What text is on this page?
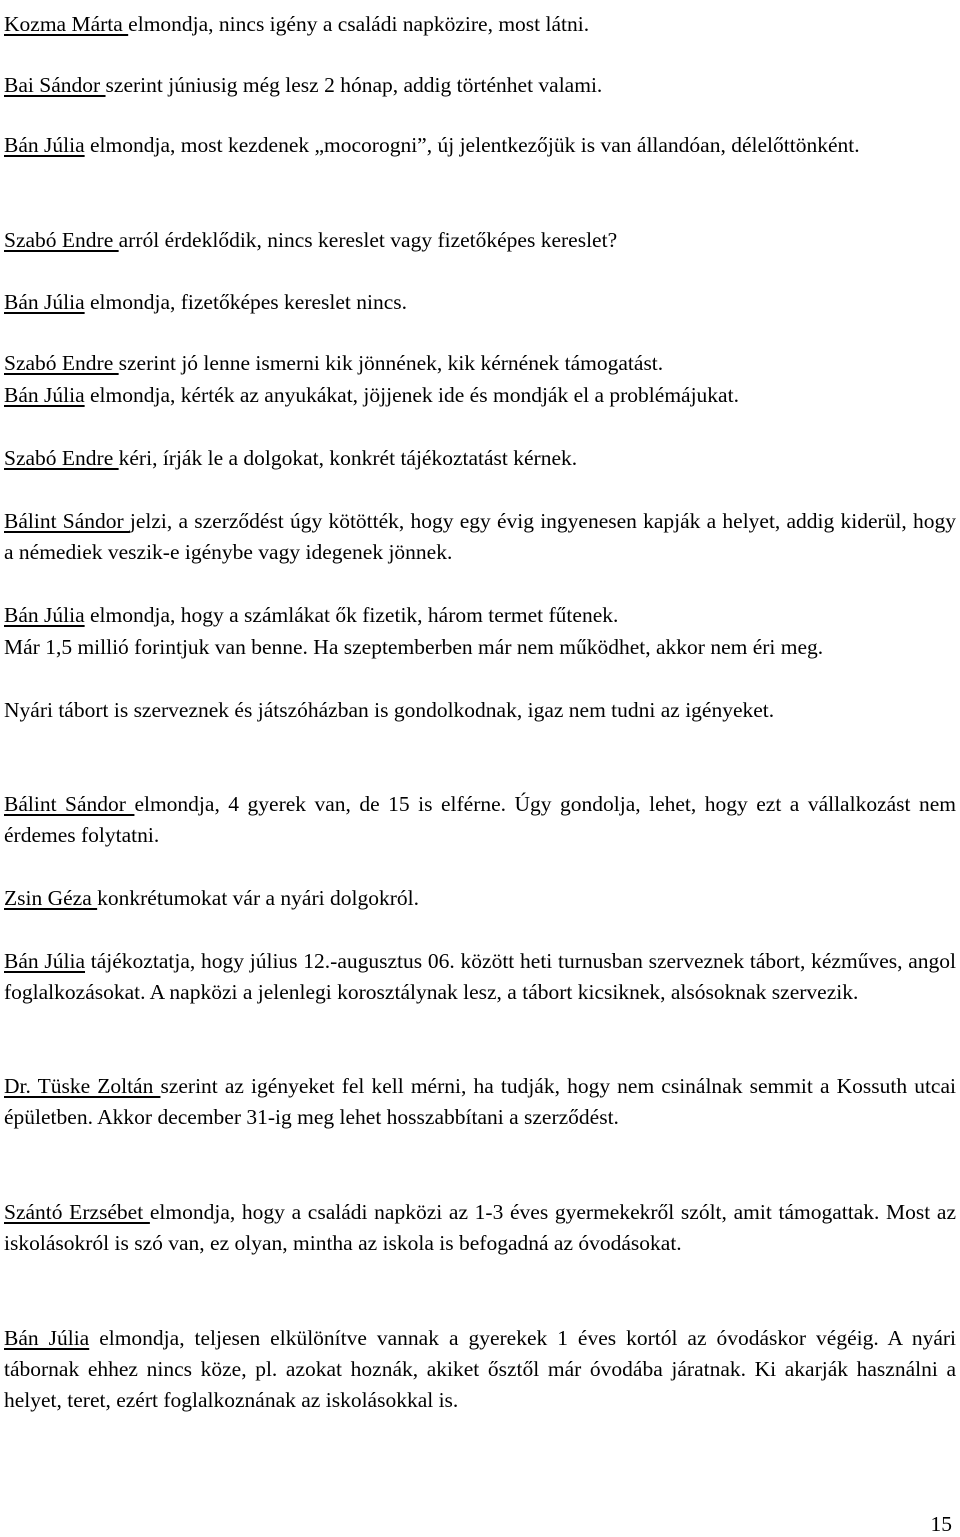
Kozma Márta elmondja, nincs igény a családi napközire, most látni.

Bai Sándor szerint júniusig még lesz 2 hónap, addig történhet valami.

Bán Júlia elmondja, most kezdenek „mocorogni”, új jelentkezőjük is van állandóan, délelőttönként.

Szabó Endre arról érdeklődik, nincs kereslet vagy fizetőképes kereslet?

Bán Júlia elmondja, fizetőképes kereslet nincs.

Szabó Endre szerint jó lenne ismerni kik jönnének, kik kérnének támogatást.

Bán Júlia elmondja, kérték az anyukákat, jöjjenek ide és mondják el a problémájukat.

Szabó Endre kéri, írják le a dolgokat, konkrét tájékoztatást kérnek.

Bálint Sándor jelzi, a szerződést úgy kötötték, hogy egy évig ingyenesen kapják a helyet, addig kiderül, hogy a némediek veszik-e igénybe vagy idegenek jönnek.

Bán Júlia elmondja, hogy a számlákat ők fizetik, három termet fűtenek.

Már 1,5 millió forintjuk van benne. Ha szeptemberben már nem működhet, akkor nem éri meg.

Nyári tábort is szerveznek és játszóházban is gondolkodnak, igaz nem tudni az igényeket.

Bálint Sándor elmondja, 4 gyerek van, de 15 is elférne. Úgy gondolja, lehet, hogy ezt a vállalkozást nem érdemes folytatni.

Zsin Géza konkrétumokat vár a nyári dolgokról.

Bán Júlia tájékoztatja, hogy július 12.-augusztus 06. között heti turnusban szerveznek tábort, kézműves, angol foglalkozásokat. A napközi a jelenlegi korosztálynak lesz, a tábort kicsiknek, alsósoknak szervezik.

Dr. Tüske Zoltán szerint az igényeket fel kell mérni, ha tudják, hogy nem csinálnak semmit a Kossuth utcai épületben. Akkor december 31-ig meg lehet hosszabbítani a szerződést.

Szántó Erzsébet elmondja, hogy a családi napközi az 1-3 éves gyermekekről szólt, amit támogattak. Most az iskolásokról is szó van, ez olyan, mintha az iskola is befogadná az óvodásokat.

Bán Júlia elmondja, teljesen elkülönítve vannak a gyerekek 1 éves kortól az óvodáskor végéig. A nyári tábornak ehhez nincs köze, pl. azokat hoznák, akiket ősztől már óvodába járatnak. Ki akarják használni a helyet, teret, ezért foglalkoznának az iskolásokkal is.

15
